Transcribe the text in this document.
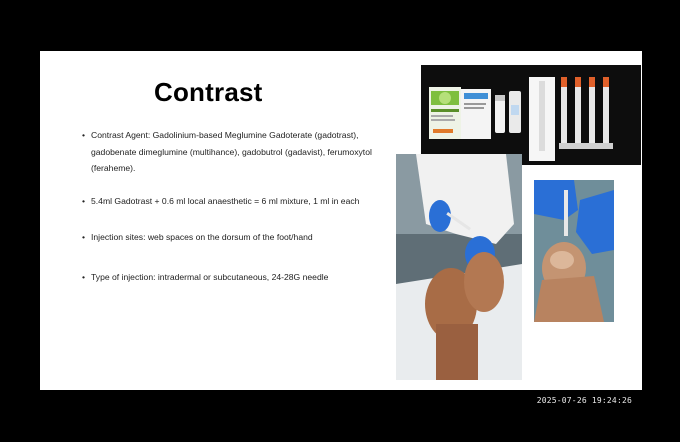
Contrast
• Contrast Agent: Gadolinium-based Meglumine Gadoterate (gadotrast), gadobenate dimeglumine (multihance), gadobutrol (gadavist), ferumoxytol (feraheme).
• 5.4ml Gadotrast + 0.6 ml local anaesthetic = 6 ml mixture, 1 ml in each
• Injection sites: web spaces on the dorsum of the foot/hand
• Type of injection: intradermal or subcutaneous, 24-28G needle
2025-07-26 19:24:26
